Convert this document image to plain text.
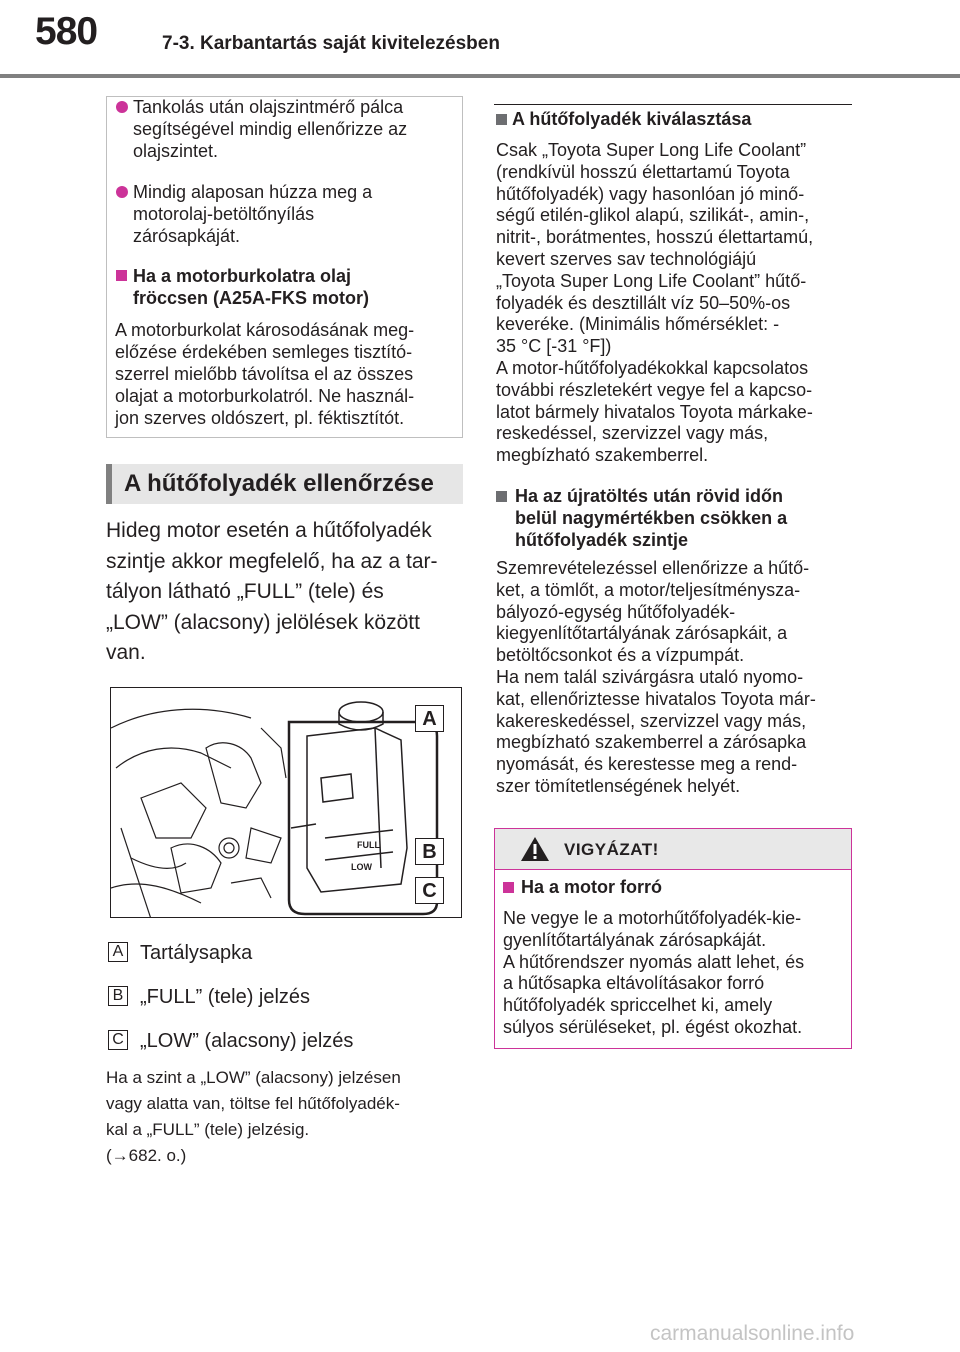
580	7-3. Karbantartás saját kivitelezésben
Tankolás után olajszintmérő pálca
segítségével mindig ellenőrizze az
olajszintet.
Mindig alaposan húzza meg a
motorolaj-betöltőnyílás
zárósapkáját.
Ha a motorburkolatra olaj
fröccsen (A25A-FKS motor)
A motorburkolat károsodásának meg-
előzése érdekében semleges tisztító-
szerrel mielőbb távolítsa el az összes
olajat a motorburkolatról. Ne használ-
jon szerves oldószert, pl. féktisztítót.
A hűtőfolyadék ellenőrzése
Hideg motor esetén a hűtőfolyadék
szintje akkor megfelelő, ha az a tar-
tályon látható „FULL” (tele) és
„LOW” (alacsony) jelölések között
van.
FULL
LOW
A
B
C
A Tartálysapka
B „FULL” (tele) jelzés
C „LOW” (alacsony) jelzés
Ha a szint a „LOW” (alacsony) jelzésen
vagy alatta van, töltse fel hűtőfolyadék-
kal a „FULL” (tele) jelzésig.
(→682. o.)
A hűtőfolyadék kiválasztása
Csak „Toyota Super Long Life Coolant”
(rendkívül hosszú élettartamú Toyota
hűtőfolyadék) vagy hasonlóan jó minő-
ségű etilén-glikol alapú, szilikát-, amin-,
nitrit-, borátmentes, hosszú élettartamú,
kevert szerves sav technológiájú
„Toyota Super Long Life Coolant” hűtő-
folyadék és desztillált víz 50–50%-os
keveréke. (Minimális hőmérséklet: -
35 °C [-31 °F])
A motor-hűtőfolyadékokkal kapcsolatos
további részletekért vegye fel a kapcso-
latot bármely hivatalos Toyota márkake-
reskedéssel, szervizzel vagy más,
megbízható szakemberrel.
Ha az újratöltés után rövid időn
belül nagymértékben csökken a
hűtőfolyadék szintje
Szemrevételezéssel ellenőrizze a hűtő-
ket, a tömlőt, a motor/teljesítménysza-
bályozó-egység hűtőfolyadék-
kiegyenlítőtartályának zárósapkáit, a
betöltőcsonkot és a vízpumpát.
Ha nem talál szivárgásra utaló nyomo-
kat, ellenőriztesse hivatalos Toyota már-
kakereskedéssel, szervizzel vagy más,
megbízható szakemberrel a zárósapka
nyomását, és kerestesse meg a rend-
szer tömítetlenségének helyét.
VIGYÁZAT!
Ha a motor forró
Ne vegye le a motorhűtőfolyadék-kie-
gyenlítőtartályának zárósapkáját.
A hűtőrendszer nyomás alatt lehet, és
a hűtősapka eltávolításakor forró
hűtőfolyadék spriccelhet ki, amely
súlyos sérüléseket, pl. égést okozhat.
carmanualsonline.info
